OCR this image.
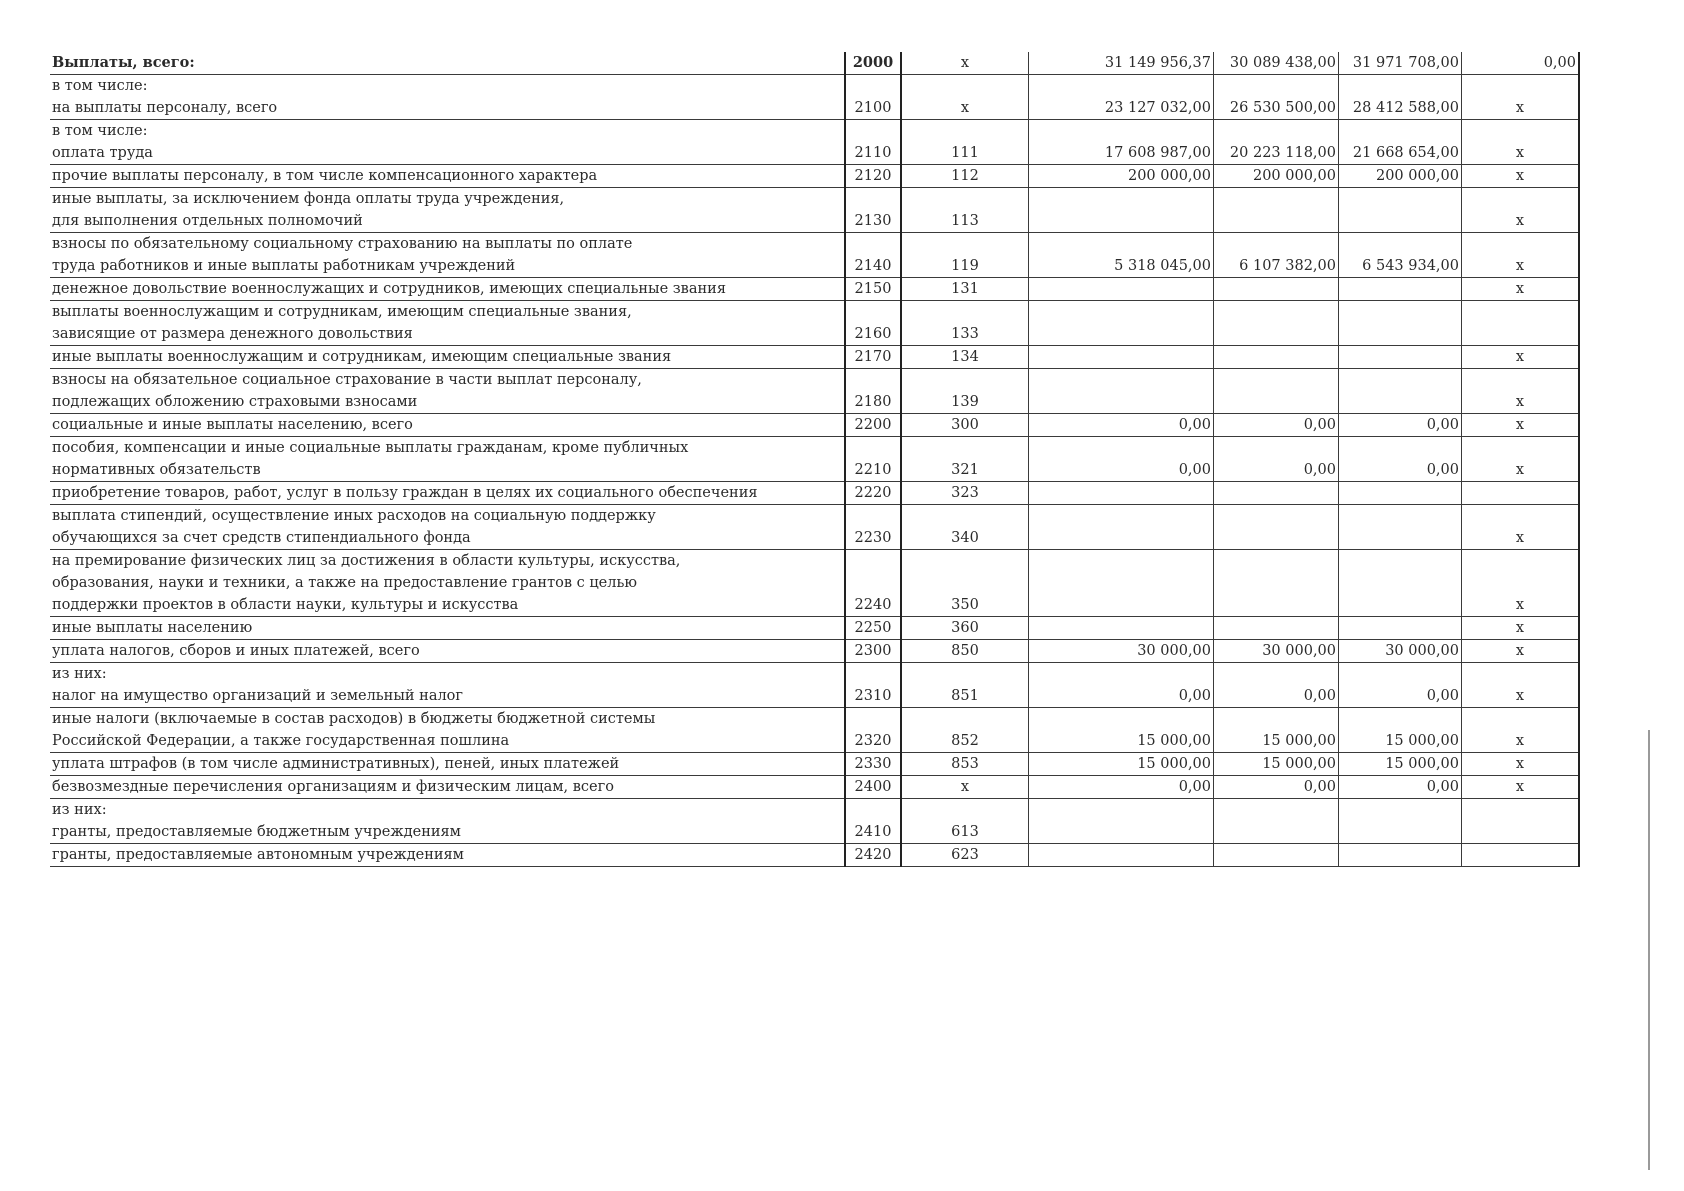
Выплаты, всего:	2000	x	31 149 956,37	30 089 438,00	31 971 708,00	0,00

в том числе:
на выплаты персоналу, всего	2100	x	23 127 032,00	26 530 500,00	28 412 588,00	x

в том числе:
оплата труда	2110	111	17 608 987,00	20 223 118,00	21 668 654,00	x

прочие выплаты персоналу, в том числе компенсационного характера	2120	112	200 000,00	200 000,00	200 000,00	x

иные выплаты, за исключением фонда оплаты труда учреждения,
для выполнения отдельных полномочий	2130	113				x

взносы по обязательному социальному страхованию на выплаты по оплате
труда работников и иные выплаты работникам учреждений	2140	119	5 318 045,00	6 107 382,00	6 543 934,00	x

денежное довольствие военнослужащих и сотрудников, имеющих специальные звания	2150	131				x

выплаты военнослужащим и сотрудникам, имеющим специальные звания,
зависящие от размера денежного довольствия	2160	133				

иные выплаты военнослужащим и сотрудникам, имеющим специальные звания	2170	134				x

взносы на обязательное социальное страхование в части выплат персоналу,
подлежащих обложению страховыми взносами	2180	139				x

социальные и иные выплаты населению, всего	2200	300	0,00	0,00	0,00	x

пособия, компенсации и иные социальные выплаты гражданам, кроме публичных
нормативных обязательств	2210	321	0,00	0,00	0,00	x

приобретение товаров, работ, услуг в пользу граждан в целях их социального обеспечения	2220	323				

выплата стипендий, осуществление иных расходов на социальную поддержку
обучающихся за счет средств стипендиального фонда	2230	340				x

на премирование физических лиц за достижения в области культуры, искусства,
образования, науки и техники, а также на предоставление грантов с целью
поддержки проектов в области науки, культуры и искусства	2240	350				x

иные выплаты населению	2250	360				x

уплата налогов, сборов и иных платежей, всего	2300	850	30 000,00	30 000,00	30 000,00	x

из них:
налог на имущество организаций и земельный налог	2310	851	0,00	0,00	0,00	x

иные налоги (включаемые в состав расходов) в бюджеты бюджетной системы
Российской Федерации, а также государственная пошлина	2320	852	15 000,00	15 000,00	15 000,00	x

уплата штрафов (в том числе административных), пеней, иных платежей	2330	853	15 000,00	15 000,00	15 000,00	x

безвозмездные перечисления организациям и физическим лицам, всего	2400	x	0,00	0,00	0,00	x

из них:
гранты, предоставляемые бюджетным учреждениям	2410	613				

гранты, предоставляемые автономным учреждениям	2420	623				
